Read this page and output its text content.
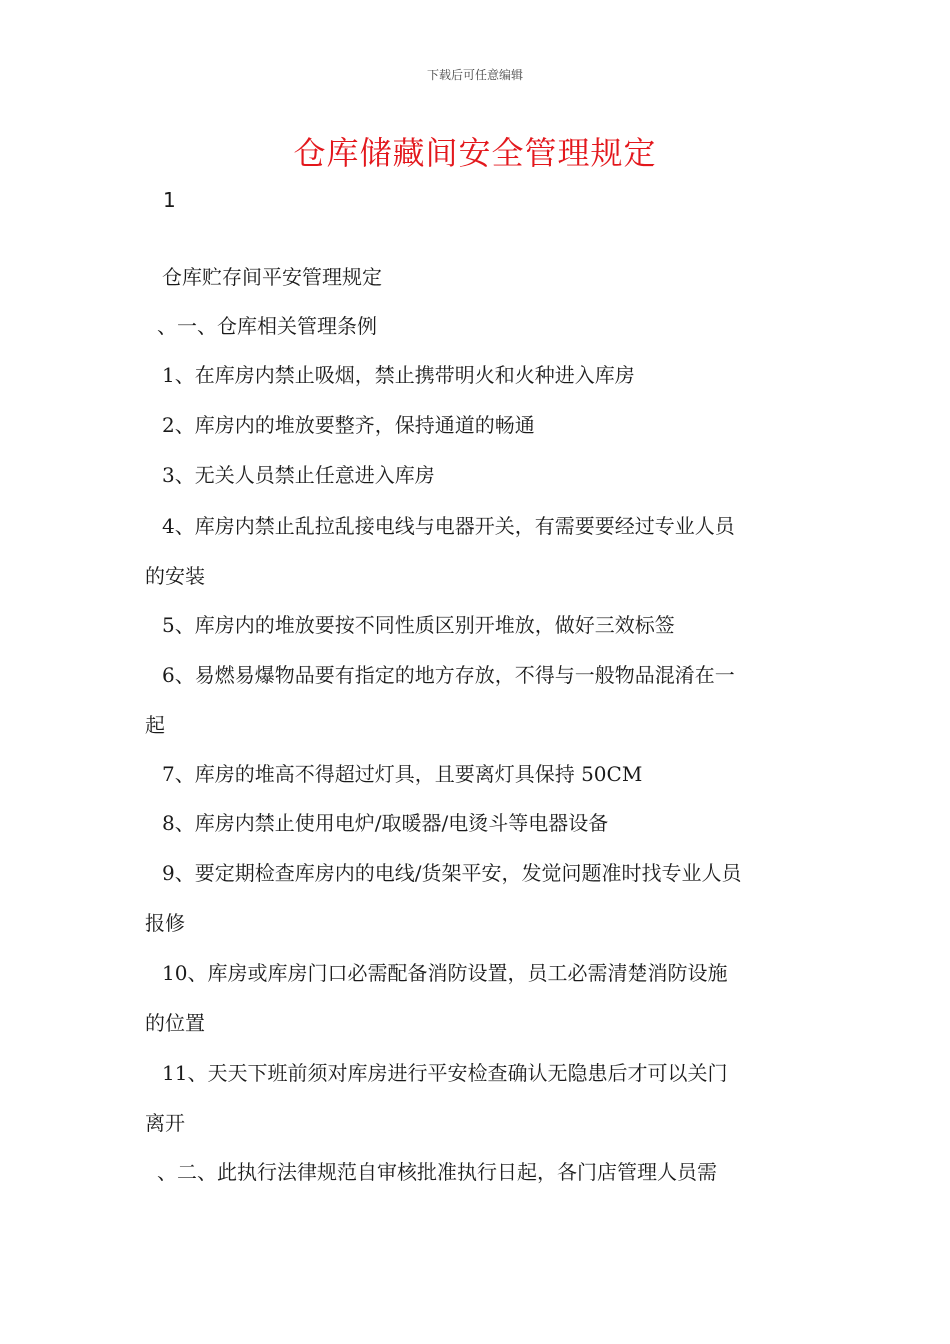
下载后可任意编辑
仓库储藏间安全管理规定
1
仓库贮存间平安管理规定
、一、仓库相关管理条例
1、在库房内禁止吸烟，禁止携带明火和火种进入库房
2、库房内的堆放要整齐，保持通道的畅通
3、无关人员禁止任意进入库房
4、库房内禁止乱拉乱接电线与电器开关，有需要要经过专业人员
的安装
5、库房内的堆放要按不同性质区别开堆放，做好三效标签
6、易燃易爆物品要有指定的地方存放，不得与一般物品混淆在一
起
7、库房的堆高不得超过灯具，且要离灯具保持 50CM
8、库房内禁止使用电炉/取暖器/电烫斗等电器设备
9、要定期检查库房内的电线/货架平安，发觉问题准时找专业人员
报修
10、库房或库房门口必需配备消防设置，员工必需清楚消防设施
的位置
11、天天下班前须对库房进行平安检查确认无隐患后才可以关门
离开
、二、此执行法律规范自审核批准执行日起，各门店管理人员需
